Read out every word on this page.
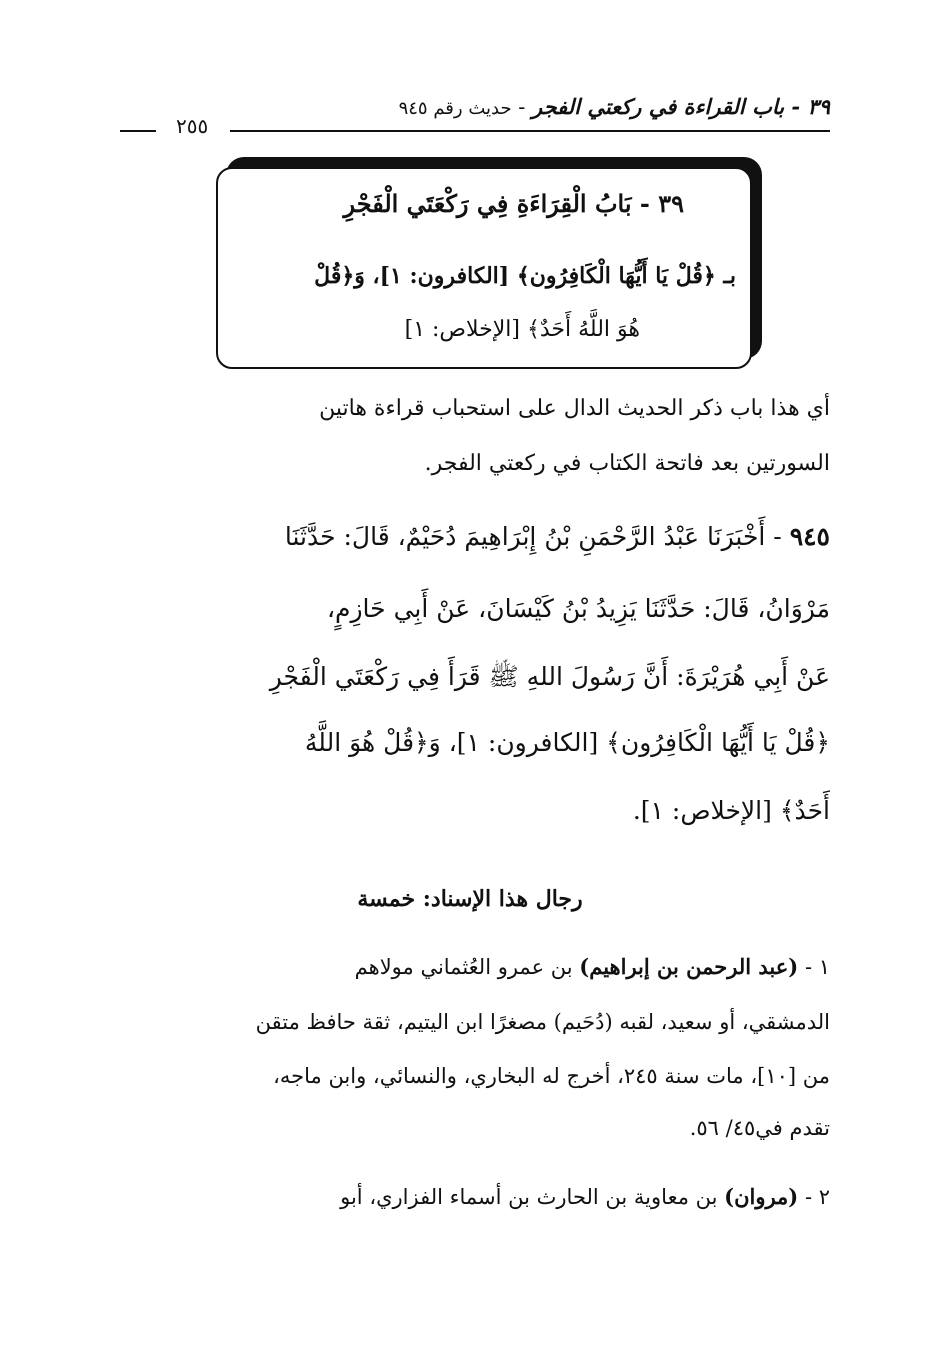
٣٩ - باب القراءة في ركعتي الفجر - حديث رقم ٩٤٥
٢٥٥
٣٩ - بَابُ الْقِرَاءَةِ فِي رَكْعَتَي الْفَجْرِ
بـ ﴿قُلْ يَا أَيُّهَا الْكَافِرُون﴾ [الكافرون: ١]، وَ﴿قُلْ
هُوَ اللَّهُ أَحَدٌ﴾ [الإخلاص: ١]
أي هذا باب ذكر الحديث الدال على استحباب قراءة هاتين
السورتين بعد فاتحة الكتاب في ركعتي الفجر.
٩٤٥ - أَخْبَرَنَا عَبْدُ الرَّحْمَنِ بْنُ إِبْرَاهِيمَ دُحَيْمٌ، قَالَ: حَدَّثَنَا
مَرْوَانُ، قَالَ: حَدَّثَنَا يَزِيدُ بْنُ كَيْسَانَ، عَنْ أَبِي حَازِمٍ،
عَنْ أَبِي هُرَيْرَةَ: أَنَّ رَسُولَ اللهِ ﷺ قَرَأَ فِي رَكْعَتَي الْفَجْرِ
﴿قُلْ يَا أَيُّهَا الْكَافِرُون﴾ [الكافرون: ١]، وَ﴿قُلْ هُوَ اللَّهُ
أَحَدٌ﴾ [الإخلاص: ١].
رجال هذا الإسناد: خمسة
١ - (عبد الرحمن بن إبراهيم) بن عمرو العُثماني مولاهم
الدمشقي، أو سعيد، لقبه (دُحَيم) مصغرًا ابن اليتيم، ثقة حافظ متقن
من [١٠]، مات سنة ٢٤٥، أخرج له البخاري، والنسائي، وابن ماجه،
تقدم في٤٥/ ٥٦.
٢ - (مروان) بن معاوية بن الحارث بن أسماء الفزاري، أبو
